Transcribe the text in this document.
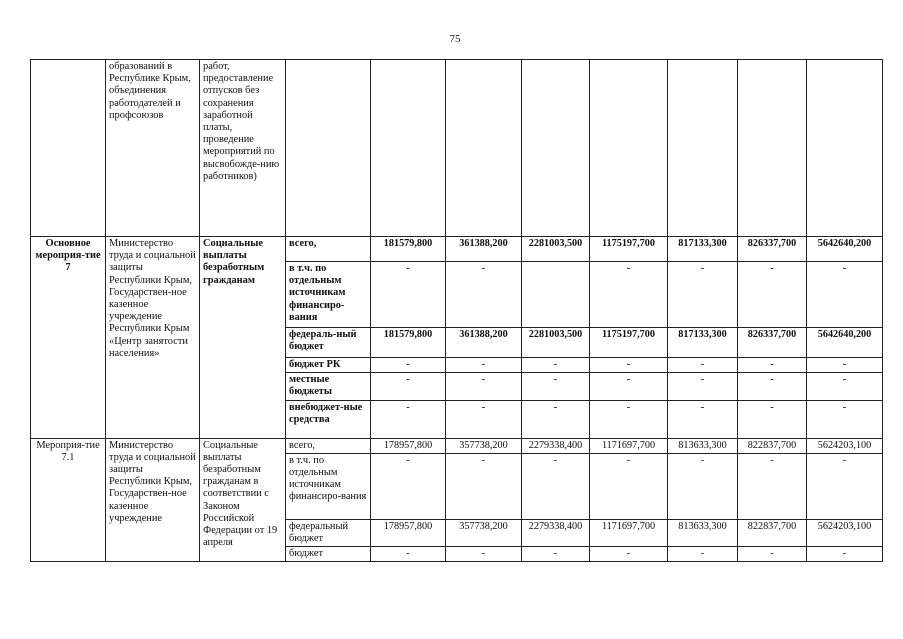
75
	образований в Республике Крым, объединения работодателей и профсоюзов	работ, предоставление отпусков без сохранения заработной платы, проведение мероприятий по высвобожде-нию работников)								
Основное мероприя-тие 7	Министерство труда и социальной защиты Республики Крым, Государствен-ное казенное учреждение Республики Крым «Центр занятости населения»	Социальные выплаты безработным гражданам	всего,	181579,800	361388,200	2281003,500	1175197,700	817133,300	826337,700	5642640,200
			в т.ч. по отдельным источникам финансиро-вания	-	-		-	-	-	-
			федераль-ный бюджет	181579,800	361388,200	2281003,500	1175197,700	817133,300	826337,700	5642640,200
			бюджет РК	-	-	-	-	-	-	-
			местные бюджеты	-	-	-	-	-	-	-
			внебюджет-ные средства	-	-	-	-	-	-	-
Мероприя-тие 7.1	Министерство труда и социальной защиты Республики Крым, Государствен-ное казенное учреждение	Социальные выплаты безработным гражданам в соответствии с Законом Российской Федерации от 19 апреля	всего,	178957,800	357738,200	2279338,400	1171697,700	813633,300	822837,700	5624203,100
			в т.ч. по отдельным источникам финансиро-вания	-	-	-	-	-	-	-
			федеральный бюджет	178957,800	357738,200	2279338,400	1171697,700	813633,300	822837,700	5624203,100
			бюджет	-	-	-	-	-	-	-
